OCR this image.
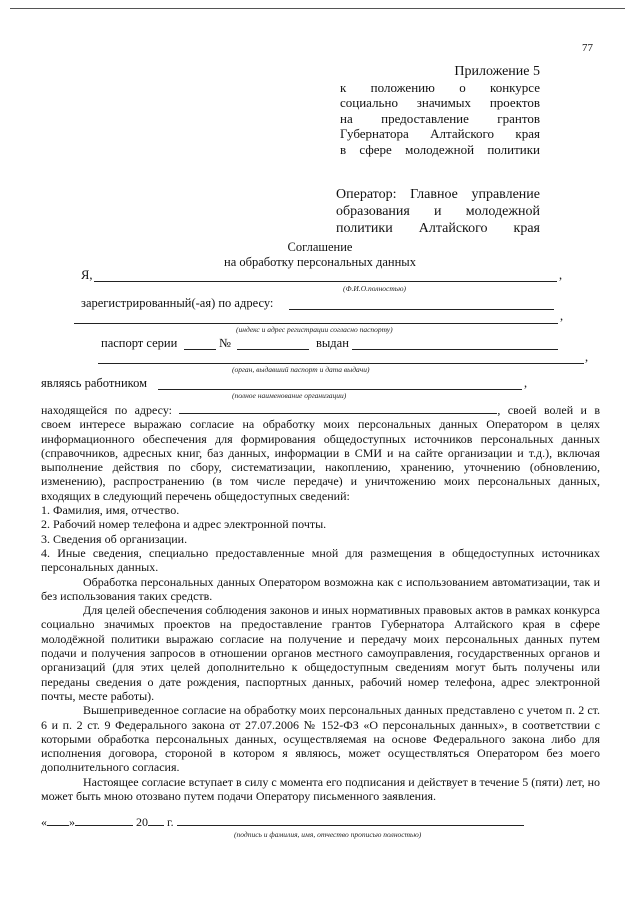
77
Приложение 5
к положению о конкурсе
социально значимых проектов
на предоставление грантов
Губернатора Алтайского края
в сфере молодежной политики
Оператор: Главное управление
образования и молодежной
политики Алтайского края
Соглашение
на обработку персональных данных
Я,	,
(Ф.И.О.полностью)
зарегистрированный(-ая) по адресу:
,
(индекс и адрес регистрации согласно паспорту)
паспорт серии	№	выдан
,
(орган, выдавший паспорт и дата выдачи)
являясь работником	,
(полное наименование организации)

находящейся по адресу:	, своей волей и в своем интересе выражаю согласие на обработку моих персональных данных Оператором в целях информационного обеспечения для формирования общедоступных источников персональных данных (справочников, адресных книг, баз данных, информации в СМИ и на сайте организации и т.д.), включая выполнение действия по сбору, систематизации, накоплению, хранению, уточнению (обновлению, изменению), распространению (в том числе передаче) и уничтожению моих персональных данных, входящих в следующий перечень общедоступных сведений:

1. Фамилия, имя, отчество.

2. Рабочий номер телефона и адрес электронной почты.

3. Сведения об организации.

4. Иные сведения, специально предоставленные мной для размещения в общедоступных источниках персональных данных.

Обработка персональных данных Оператором возможна как с использованием автоматизации, так и без использования таких средств.

Для целей обеспечения соблюдения законов и иных нормативных правовых актов в рамках конкурса социально значимых проектов на предоставление грантов Губернатора Алтайского края в сфере молодёжной политики выражаю согласие на получение и передачу моих персональных данных путем подачи и получения запросов в отношении органов местного самоуправления, государственных органов и организаций (для этих целей дополнительно к общедоступным сведениям могут быть получены или переданы сведения о дате рождения, паспортных данных, рабочий номер телефона, адрес электронной почты, месте работы).

Вышеприведенное согласие на обработку моих персональных данных представлено с учетом п. 2 ст. 6 и п. 2 ст. 9 Федерального закона от 27.07.2006 № 152-ФЗ «О персональных данных», в соответствии с которыми обработка персональных данных, осуществляемая на основе Федерального закона либо для исполнения договора, стороной в котором я являюсь, может осуществляться Оператором без моего дополнительного согласия.

Настоящее согласие вступает в силу с момента его подписания и действует в течение 5 (пяти) лет, но может быть мною отозвано путем подачи Оператору письменного заявления.

« »	20 г.
(подпись и фамилия, имя, отчество прописью полностью)
